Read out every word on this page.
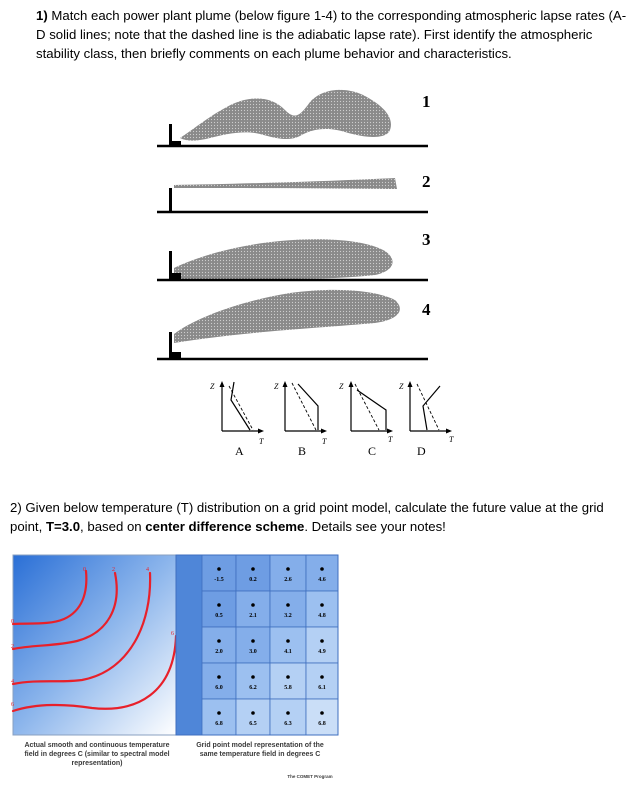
1) Match each power plant plume (below figure 1-4) to the corresponding atmospheric lapse rates (A-D solid lines; note that the dashed line is the adiabatic lapse rate). First identify the atmospheric stability class, then briefly comments on each plume behavior and characteristics.

1
2
3
4
Z
T
A
Z
T
B
Z
T
C
Z
T
D

2) Given below temperature (T) distribution on a grid point model, calculate the future value at the grid point, T=3.0, based on center difference scheme. Details see your notes!

0	2	4
0
2
4
6
6
-1.5	0.2	2.6	4.6
0.5	2.1	3.2	4.8
2.0	3.0	4.1	4.9
6.0	6.2	5.8	6.1
6.8	6.5	6.3	6.8
Actual smooth and continuous temperature field in degrees C (similar to spectral model representation)
Grid point model representation of the same temperature field in degrees C
The COMET Program
